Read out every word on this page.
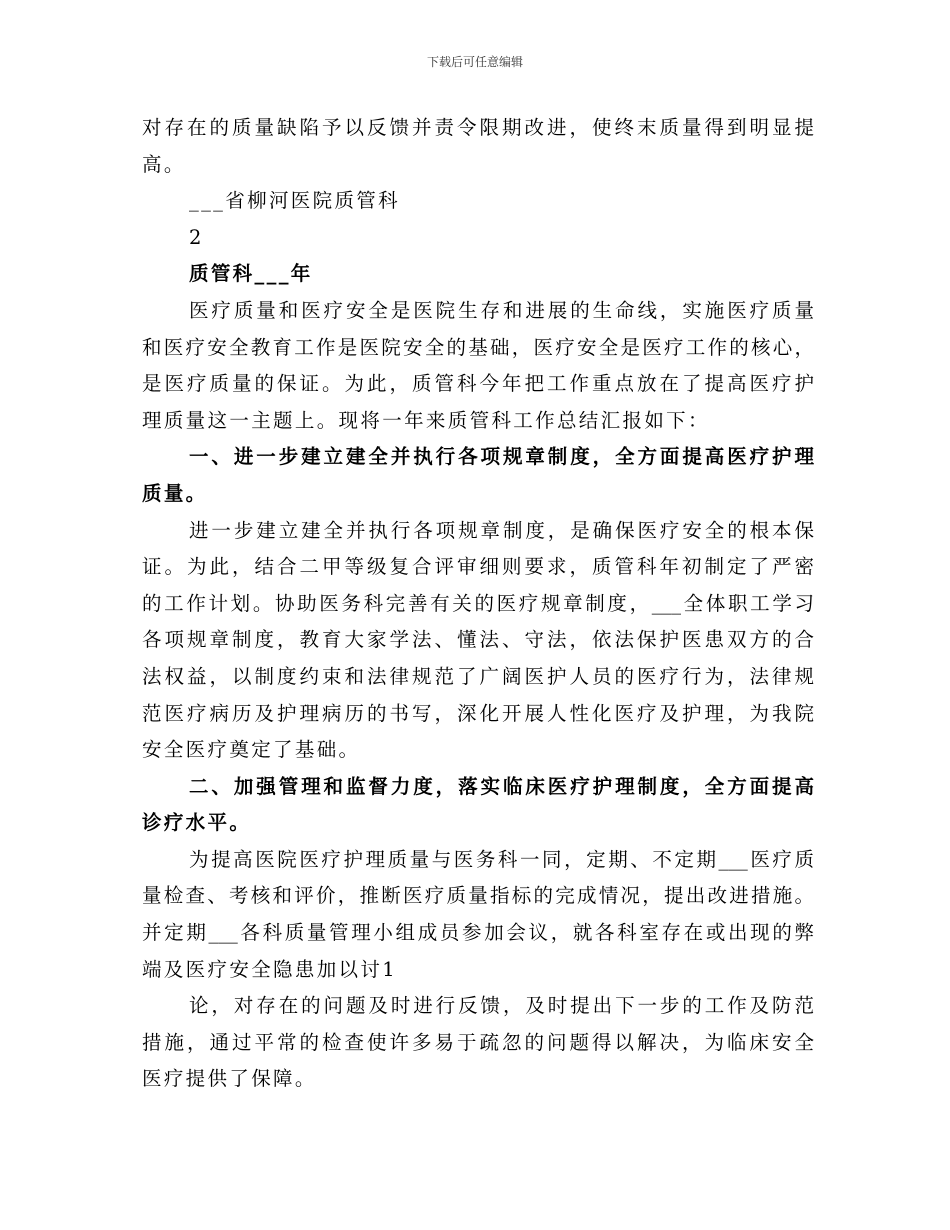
下载后可任意编辑
对存在的质量缺陷予以反馈并责令限期改进，使终末质量得到明显提
高。
___省柳河医院质管科
2
质管科___年
医疗质量和医疗安全是医院生存和进展的生命线，实施医疗质量
和医疗安全教育工作是医院安全的基础，医疗安全是医疗工作的核心，
是医疗质量的保证。为此，质管科今年把工作重点放在了提高医疗护
理质量这一主题上。现将一年来质管科工作总结汇报如下：
一、进一步建立建全并执行各项规章制度，全方面提高医疗护理
质量。
进一步建立建全并执行各项规章制度，是确保医疗安全的根本保
证。为此，结合二甲等级复合评审细则要求，质管科年初制定了严密
的工作计划。协助医务科完善有关的医疗规章制度，___全体职工学习
各项规章制度，教育大家学法、懂法、守法，依法保护医患双方的合
法权益，以制度约束和法律规范了广阔医护人员的医疗行为，法律规
范医疗病历及护理病历的书写，深化开展人性化医疗及护理，为我院
安全医疗奠定了基础。
二、加强管理和监督力度，落实临床医疗护理制度，全方面提高
诊疗水平。
为提高医院医疗护理质量与医务科一同，定期、不定期___医疗质
量检查、考核和评价，推断医疗质量指标的完成情况，提出改进措施。
并定期___各科质量管理小组成员参加会议，就各科室存在或出现的弊
端及医疗安全隐患加以讨1
论，对存在的问题及时进行反馈，及时提出下一步的工作及防范
措施，通过平常的检查使许多易于疏忽的问题得以解决，为临床安全
医疗提供了保障。
